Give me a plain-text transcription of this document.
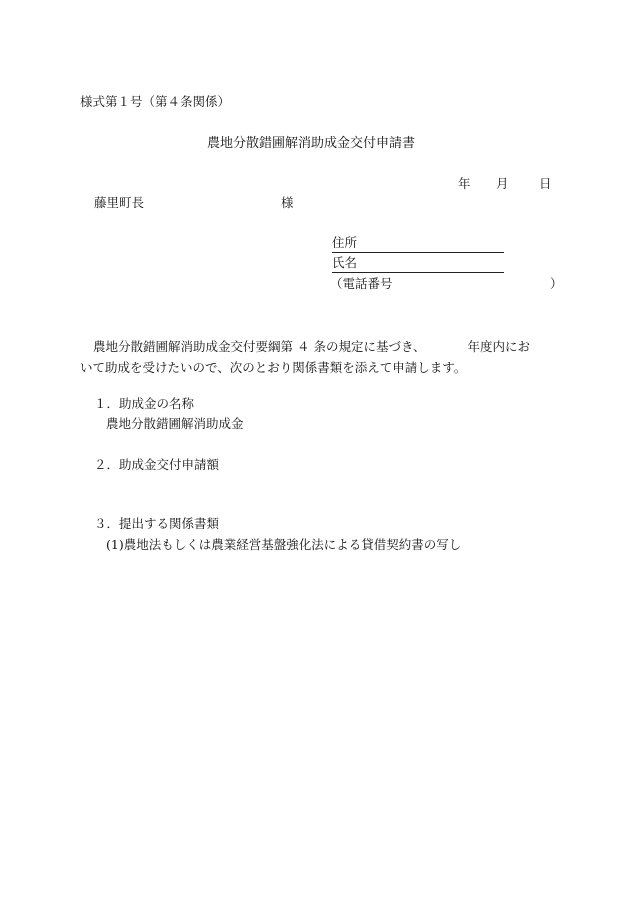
様式第１号（第４条関係）
農地分散錯圃解消助成金交付申請書
年 月 日
藤里町長	様
住所
氏名
（電話番号	）
農地分散錯圃解消助成金交付要綱第 ４ 条の規定に基づき、	年度内にお
いて助成を受けたいので、次のとおり関係書類を添えて申請します。
１．助成金の名称
農地分散錯圃解消助成金
２．助成金交付申請額
３．提出する関係書類
(1)農地法もしくは農業経営基盤強化法による貸借契約書の写し
